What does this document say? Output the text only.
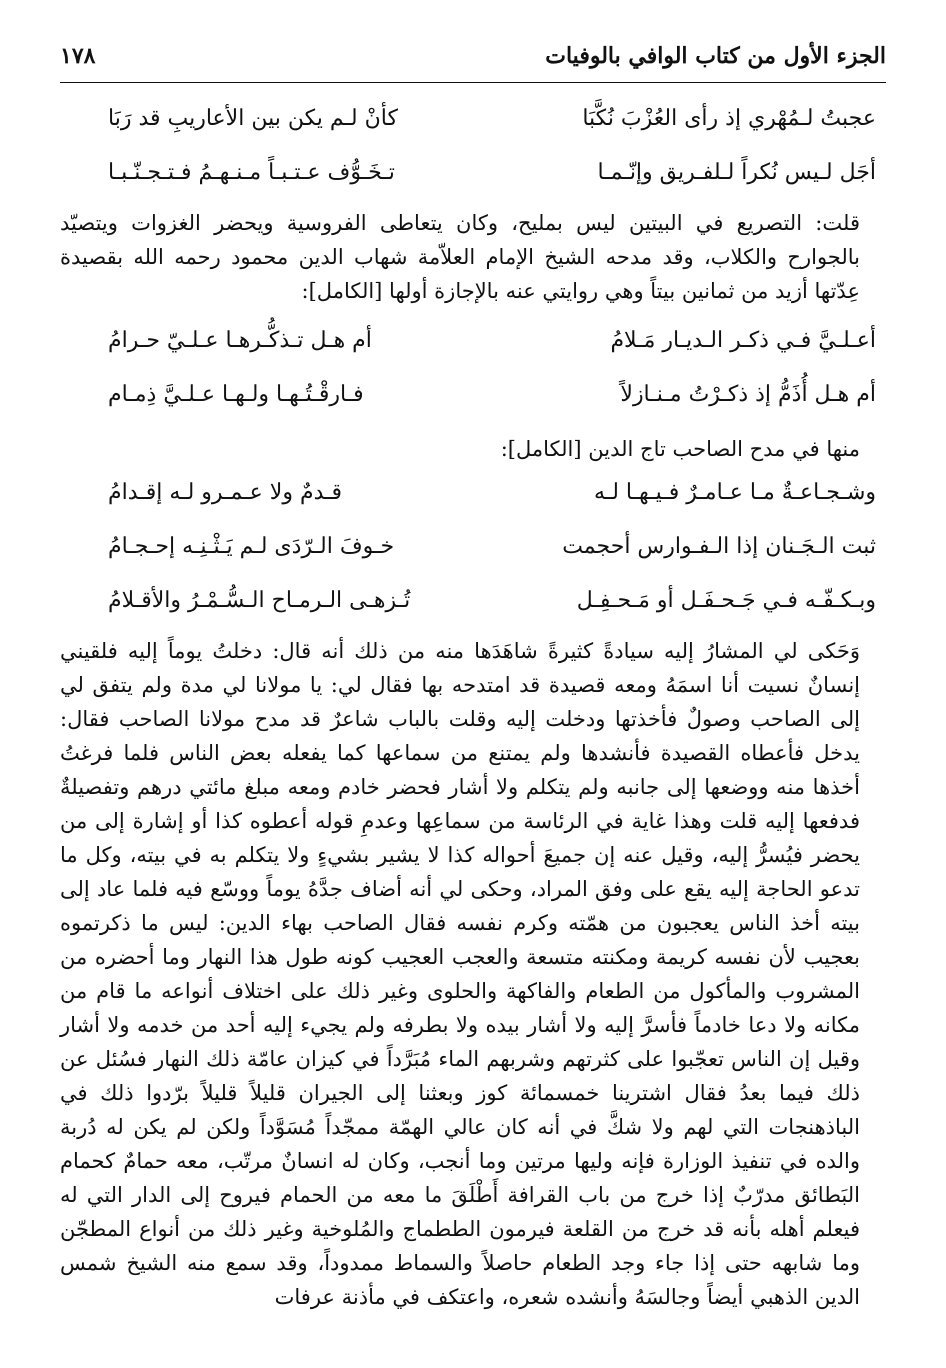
١٧٨	الجزء الأول من كتاب الوافي بالوفيات
عجبتُ لـمُهْري إذ رأى العُزْبَ نُكَّبَا
كأنْ لـم يكن بين الأعاريبِ قد رَبَا
أجَل لـيس نُكراً لـلفـريق وإنّـمـا
تـخَـوُّف عـتـبـاً مـنـهـمُ فـتـجـنّـبـا

قلت: التصريع في البيتين ليس بمليح، وكان يتعاطى الفروسية ويحضر الغزوات ويتصيّد بالجوارح والكلاب، وقد مدحه الشيخ الإمام العلاّمة شهاب الدين محمود رحمه الله بقصيدة عِدّتها أزيد من ثمانين بيتاً وهي روايتي عنه بالإجازة أولها [الكامل]:

أعـلـيَّ فـي ذكـر الـديـار مَـلامُ
أم هـل تـذكُّـرهـا عـلـيّ حـرامُ
أم هـل أُذَمُّ إذ ذكـرْتُ مـنـازلاً
فـارقْـتُـهـا ولـهـا عـلـيَّ ذِمـام

منها في مدح الصاحب تاج الدين [الكامل]:

وشـجـاعـةٌ مـا عـامـرٌ فـيـهـا لـه
قـدمٌ ولا عـمـرو لـه إقـدامُ
ثبت الـجَـنان إذا الـفـوارس أحجمت
خـوفَ الـرّدَى لـم يَـثْـنِـه إحـجـامُ
وبـكـفّـه فـي جَـحـفَـل أو مَـحـفِـل
تُـزهـى الـرمـاح الـسُّـمْـرُ والأقـلامُ

وَحَكى لي المشارُ إليه سيادةً كثيرةً شاهَدَها منه من ذلك أنه قال: دخلتُ يوماً إليه فلقيني إنسانٌ نسيت أنا اسمَهُ ومعه قصيدة قد امتدحه بها فقال لي: يا مولانا لي مدة ولم يتفق لي إلى الصاحب وصولٌ فأخذتها ودخلت إليه وقلت بالباب شاعرٌ قد مدح مولانا الصاحب فقال: يدخل فأعطاه القصيدة فأنشدها ولم يمتنع من سماعها كما يفعله بعض الناس فلما فرغتُ أخذها منه ووضعها إلى جانبه ولم يتكلم ولا أشار فحضر خادم ومعه مبلغ مائتي درهم وتفصيلةٌ فدفعها إليه قلت وهذا غاية في الرئاسة من سماعِها وعدمِ قوله أعطوه كذا أو إشارة إلى من يحضر فيُسرُّ إليه، وقيل عنه إن جميعَ أحواله كذا لا يشير بشيءٍ ولا يتكلم به في بيته، وكل ما تدعو الحاجة إليه يقع على وفق المراد، وحكى لي أنه أضاف جدَّهُ يوماً ووسّع فيه فلما عاد إلى بيته أخذ الناس يعجبون من همّته وكرم نفسه فقال الصاحب بهاء الدين: ليس ما ذكرتموه بعجيب لأن نفسه كريمة ومكنته متسعة والعجب العجيب كونه طول هذا النهار وما أحضره من المشروب والمأكول من الطعام والفاكهة والحلوى وغير ذلك على اختلاف أنواعه ما قام من مكانه ولا دعا خادماً فأسرَّ إليه ولا أشار بيده ولا بطرفه ولم يجيء إليه أحد من خدمه ولا أشار وقيل إن الناس تعجّبوا على كثرتهم وشربهم الماء مُبَرَّداً في كيزان عامّة ذلك النهار فسُئل عن ذلك فيما بعدُ فقال اشترينا خمسمائة كوز وبعثنا إلى الجيران قليلاً قليلاً برّدوا ذلك في الباذهنجات التي لهم ولا شكَّ في أنه كان عالي الهمّة ممجّداً مُسَوَّداً ولكن لم يكن له دُربة والده في تنفيذ الوزارة فإنه وليها مرتين وما أنجب، وكان له انسانٌ مرتّب، معه حمامٌ كحمام البَطائق مدرّبٌ إذا خرج من باب القرافة أَطْلَقَ ما معه من الحمام فيروح إلى الدار التي له فيعلم أهله بأنه قد خرج من القلعة فيرمون الططماج والمُلوخية وغير ذلك من أنواع المطجّن وما شابهه حتى إذا جاء وجد الطعام حاصلاً والسماط ممدوداً، وقد سمع منه الشيخ شمس الدين الذهبي أيضاً وجالسَهُ وأنشده شعره، واعتكف في مأذنة عرفات
